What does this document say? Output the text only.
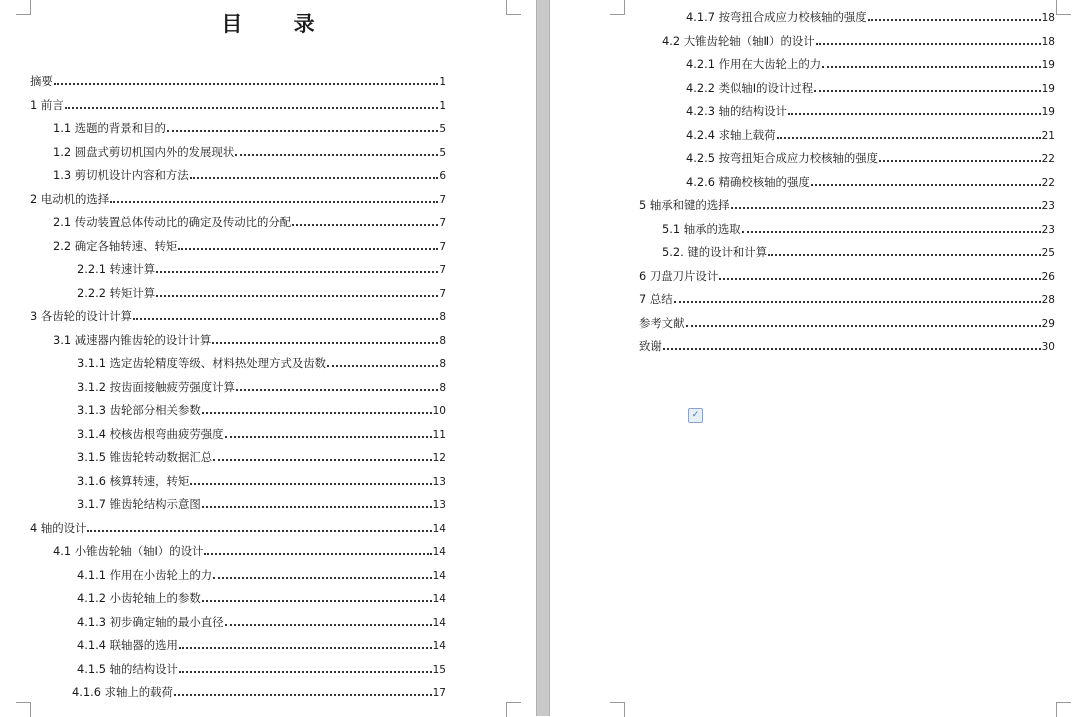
目 录
摘要	1
1 前言	1
1.1 选题的背景和目的	5
1.2 圆盘式剪切机国内外的发展现状	5
1.3 剪切机设计内容和方法	6
2 电动机的选择	7
2.1 传动装置总体传动比的确定及传动比的分配	7
2.2 确定各轴转速、转矩	7
2.2.1 转速计算	7
2.2.2 转矩计算	7
3 各齿轮的设计计算	8
3.1 减速器内锥齿轮的设计计算	8
3.1.1 选定齿轮精度等级、材料热处理方式及齿数	8
3.1.2 按齿面接触疲劳强度计算	8
3.1.3 齿轮部分相关参数	10
3.1.4 校核齿根弯曲疲劳强度	11
3.1.5 锥齿轮转动数据汇总	12
3.1.6 核算转速，转矩	13
3.1.7 锥齿轮结构示意图	13
4 轴的设计	14
4.1 小锥齿轮轴（轴Ⅰ）的设计	14
4.1.1 作用在小齿轮上的力	14
4.1.2 小齿轮轴上的参数	14
4.1.3 初步确定轴的最小直径	14
4.1.4 联轴器的选用	14
4.1.5 轴的结构设计	15
4.1.6 求轴上的载荷	17
4.1.7 按弯扭合成应力校核轴的强度	18
4.2 大锥齿轮轴（轴Ⅱ）的设计	18
4.2.1 作用在大齿轮上的力	19
4.2.2 类似轴Ⅰ的设计过程	19
4.2.3 轴的结构设计	19
4.2.4 求轴上载荷	21
4.2.5 按弯扭矩合成应力校核轴的强度	22
4.2.6 精确校核轴的强度	22
5 轴承和键的选择	23
5.1 轴承的选取	23
5.2. 键的设计和计算	25
6 刀盘刀片设计	26
7 总结	28
参考文献	29
致谢	30
✓
